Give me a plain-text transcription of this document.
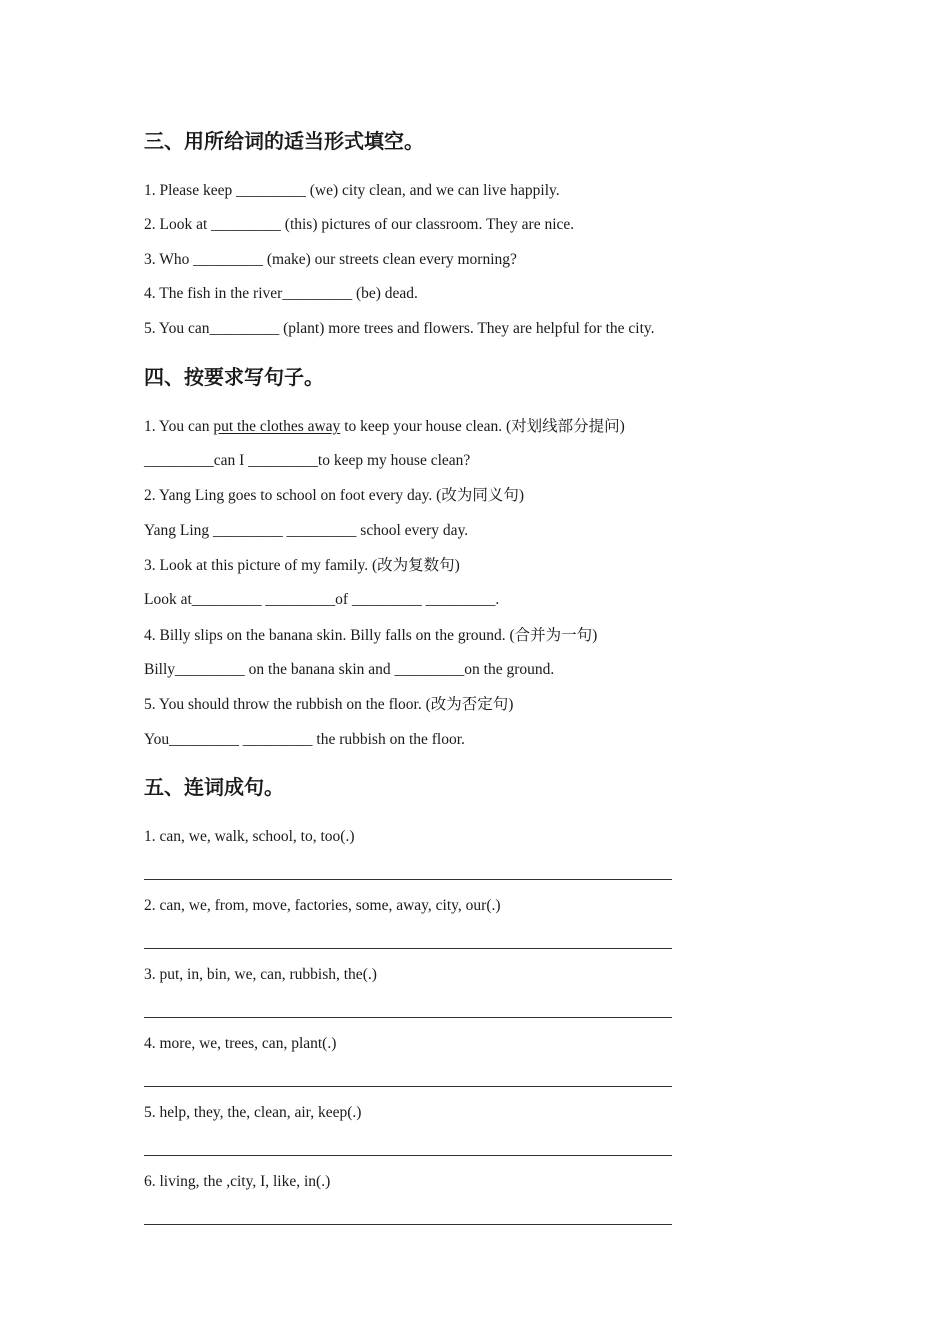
三、用所给词的适当形式填空。
1. Please keep _________ (we) city clean, and we can live happily.
2. Look at _________ (this) pictures of our classroom. They are nice.
3. Who _________ (make) our streets clean every morning?
4. The fish in the river_________ (be) dead.
5. You can_________ (plant) more trees and flowers. They are helpful for the city.
四、按要求写句子。
1. You can put the clothes away to keep your house clean. (对划线部分提问)
_________can I _________to keep my house clean?
2. Yang Ling goes to school on foot every day. (改为同义句)
Yang Ling _________ _________ school every day.
3. Look at this picture of my family. (改为复数句)
Look at_________ _________of _________ _________.
4. Billy slips on the banana skin. Billy falls on the ground. (合并为一句)
Billy_________ on the banana skin and _________on the ground.
5. You should throw the rubbish on the floor. (改为否定句)
You_________ _________ the rubbish on the floor.
五、连词成句。
1. can, we, walk, school, to, too(.)
2. can, we, from, move, factories, some, away, city, our(.)
3. put, in, bin, we, can, rubbish, the(.)
4. more, we, trees, can, plant(.)
5. help, they, the, clean, air, keep(.)
6. living, the ,city, I, like, in(.)
